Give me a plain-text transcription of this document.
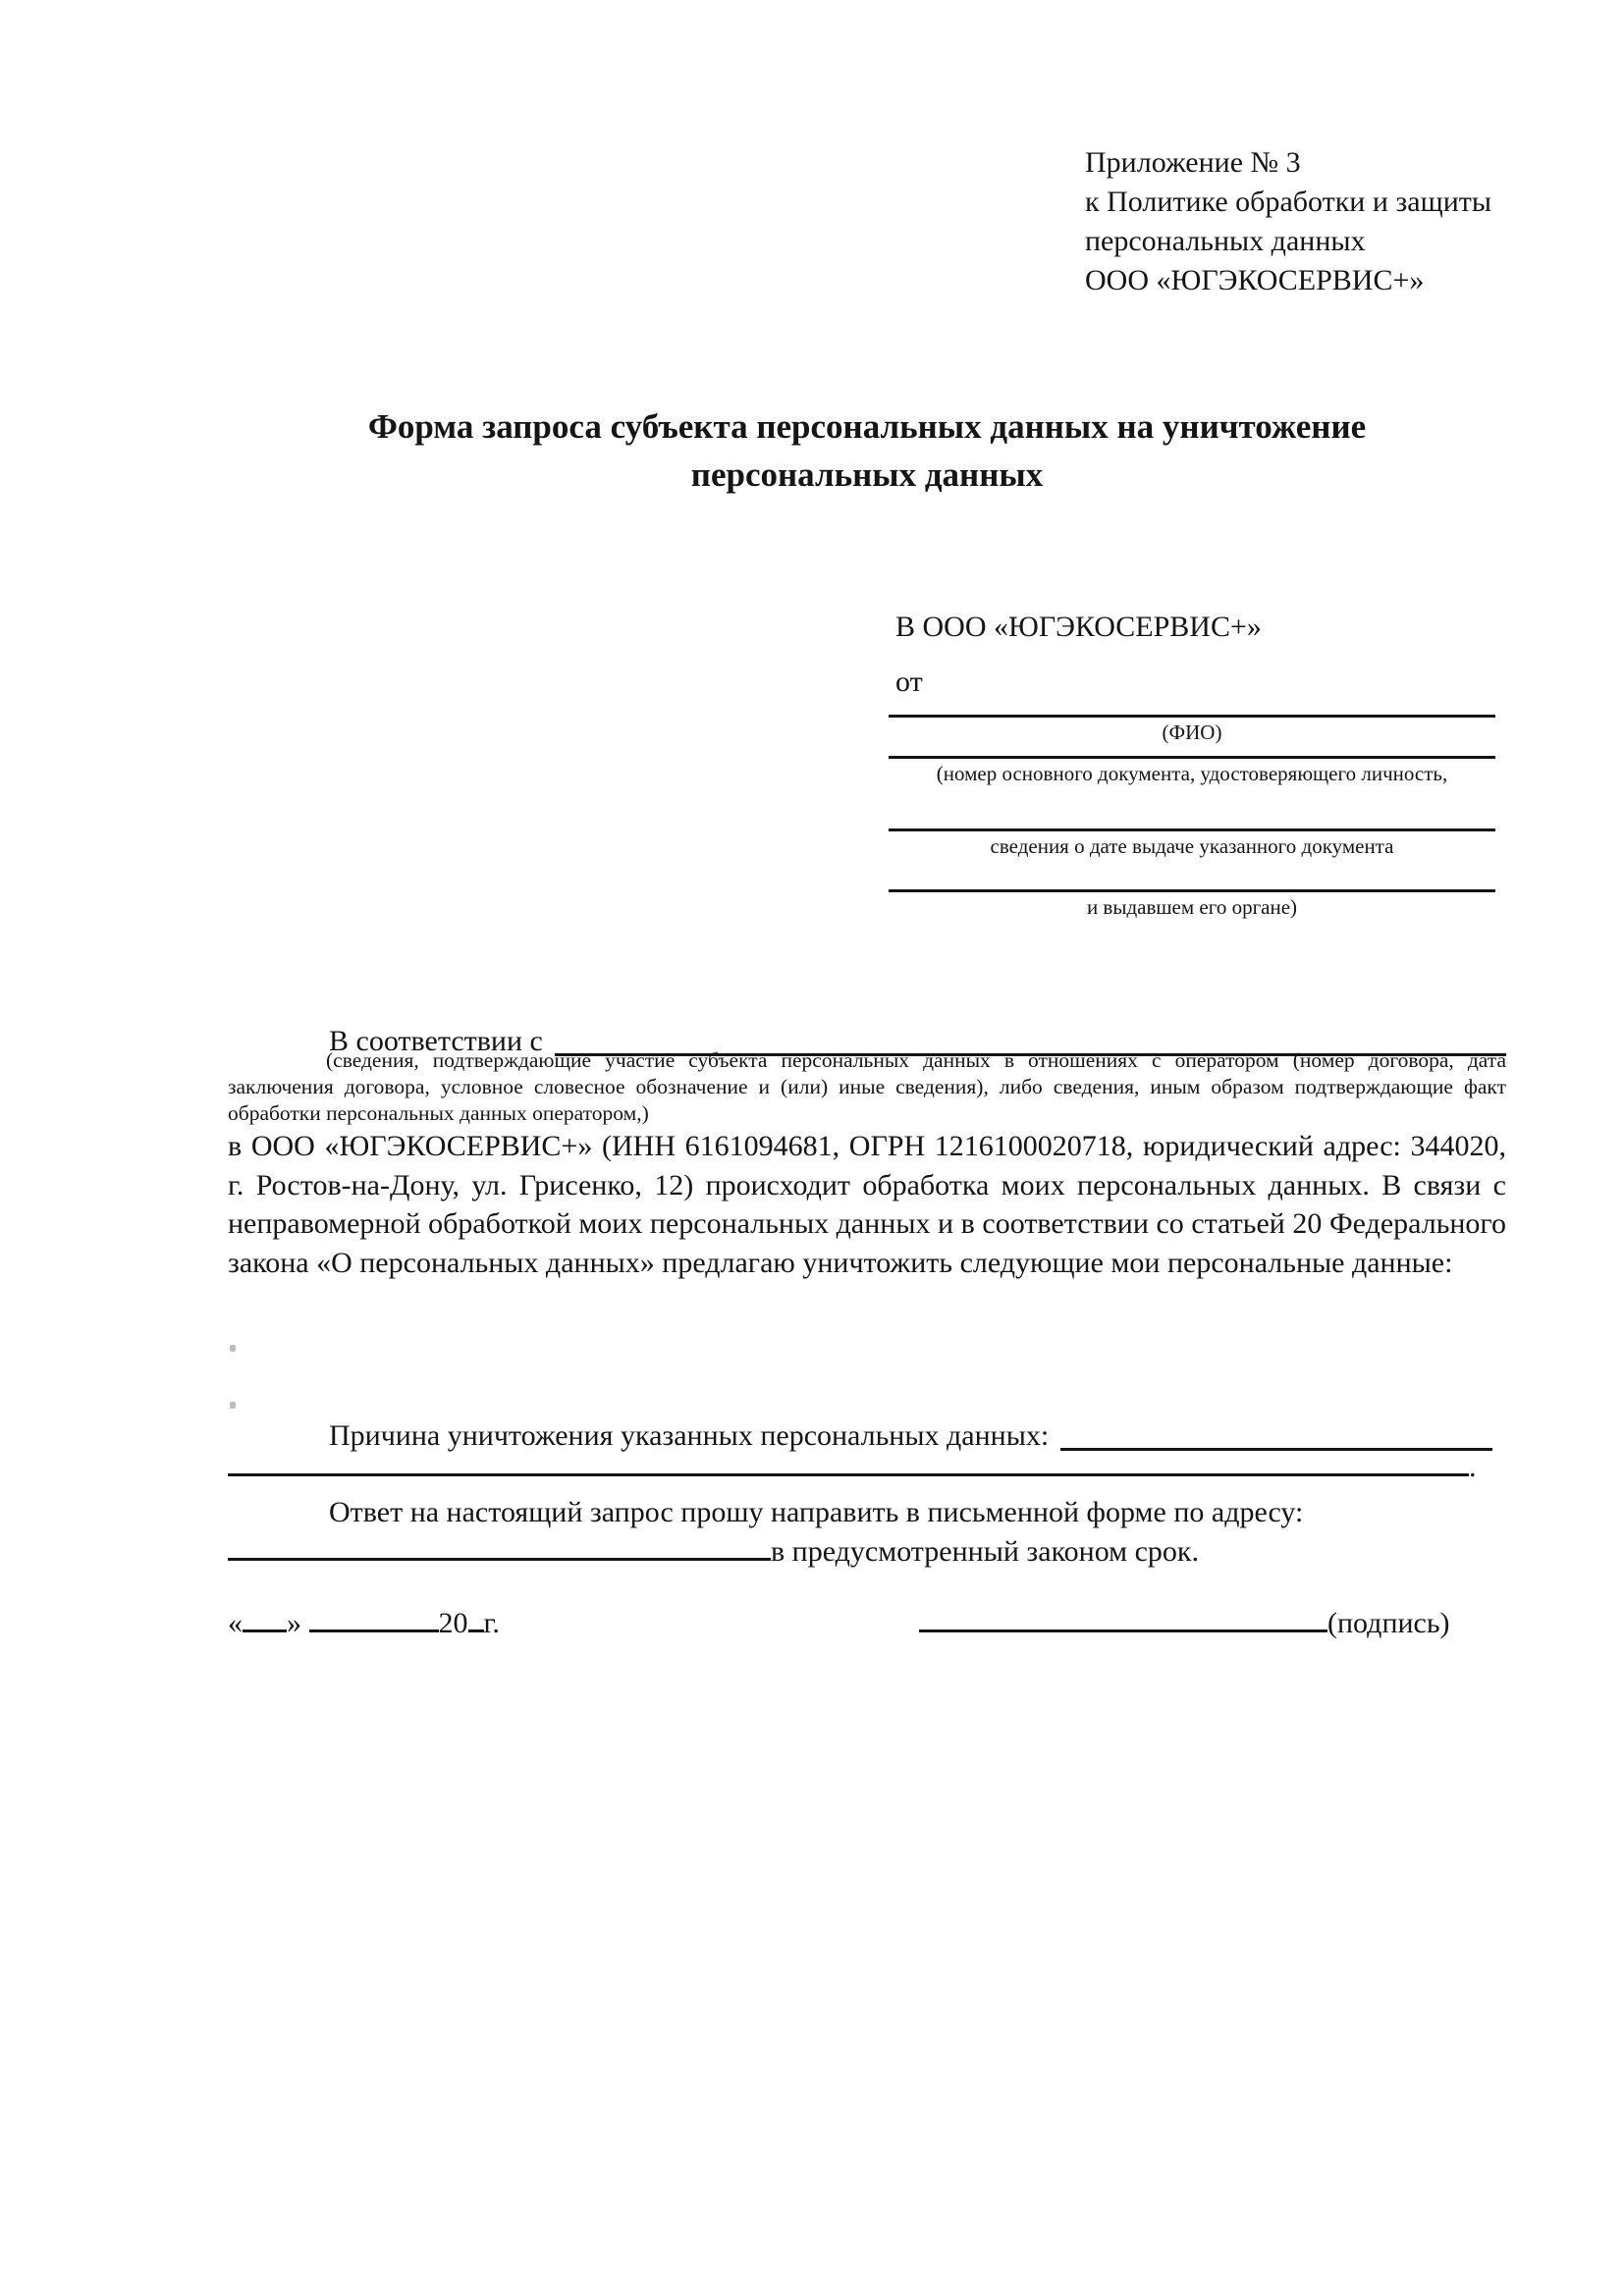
Приложение № 3
к Политике обработки и защиты
персональных данных
ООО «ЮГЭКОСЕРВИС+»
Форма запроса субъекта персональных данных на уничтожение
персональных данных
В ООО «ЮГЭКОСЕРВИС+»
от
(ФИО)
(номер основного документа, удостоверяющего личность,
сведения о дате выдаче указанного документа
и выдавшем его органе)
В соответствии с
(сведения, подтверждающие участие субъекта персональных данных в отношениях с оператором (номер договора, дата заключения договора, условное словесное обозначение и (или) иные сведения), либо сведения, иным образом подтверждающие факт обработки персональных данных оператором,)
в ООО «ЮГЭКОСЕРВИС+» (ИНН 6161094681, ОГРН 1216100020718, юридический адрес: 344020, г. Ростов-на-Дону, ул. Грисенко, 12) происходит обработка моих персональных данных. В связи с неправомерной обработкой моих персональных данных и в соответствии со статьей 20 Федерального закона «О персональных данных» предлагаю уничтожить следующие мои персональные данные:
Причина уничтожения указанных персональных данных:
.
Ответ на настоящий запрос прошу направить в письменной форме по адресу:
в предусмотренный законом срок.
« »	20 г.	(подпись)
